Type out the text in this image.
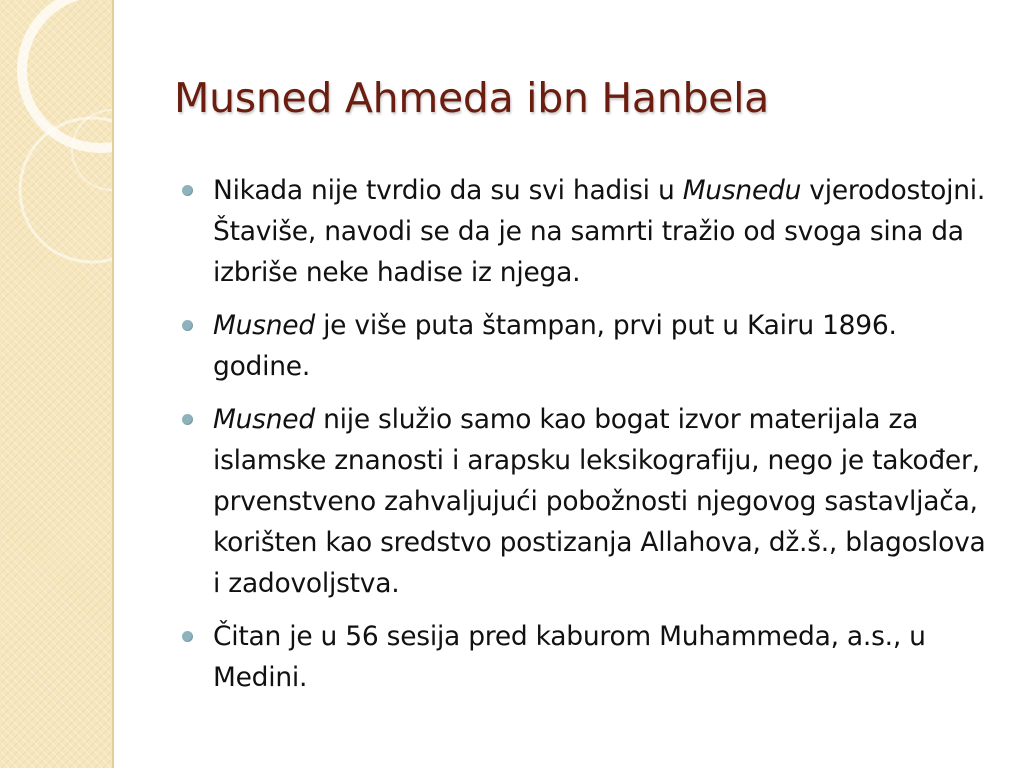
Musned Ahmeda ibn Hanbela
Nikada nije tvrdio da su svi hadisi u Musnedu vjerodostojni. Štaviše, navodi se da je na samrti tražio od svoga sina da izbriše neke hadise iz njega.
Musned je više puta štampan, prvi put u Kairu 1896. godine.
Musned nije služio samo kao bogat izvor materijala za islamske znanosti i arapsku leksikografiju, nego je također, prvenstveno zahvaljujući pobožnosti njegovog sastavljača, korišten kao sredstvo postizanja Allahova, dž.š., blagoslova i zadovoljstva.
Čitan je u 56 sesija pred kaburom Muhammeda, a.s., u Medini.
